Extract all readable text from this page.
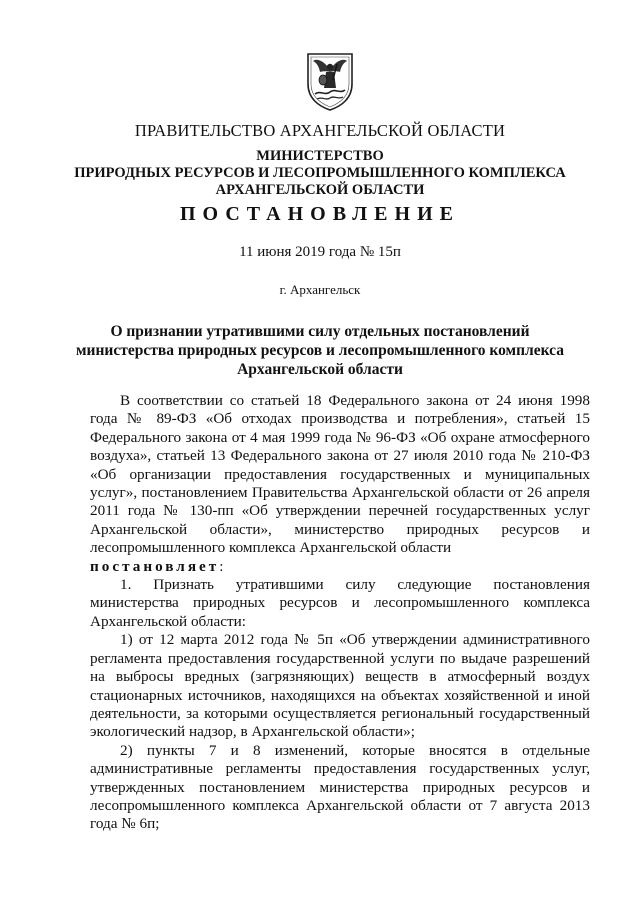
ПРАВИТЕЛЬСТВО АРХАНГЕЛЬСКОЙ ОБЛАСТИ
МИНИСТЕРСТВО
ПРИРОДНЫХ РЕСУРСОВ И ЛЕСОПРОМЫШЛЕННОГО КОМПЛЕКСА
АРХАНГЕЛЬСКОЙ ОБЛАСТИ
ПОСТАНОВЛЕНИЕ
11 июня 2019 года № 15п
г. Архангельск
О признании утратившими силу отдельных постановлений
министерства природных ресурсов и лесопромышленного комплекса
Архангельской области

В соответствии со статьей 18 Федерального закона от 24 июня 1998 года № 89-ФЗ «Об отходах производства и потребления», статьей 15 Федерального закона от 4 мая 1999 года № 96-ФЗ «Об охране атмосферного воздуха», статьей 13 Федерального закона от 27 июля 2010 года № 210-ФЗ «Об организации предоставления государственных и муниципальных услуг», постановлением Правительства Архангельской области от 26 апреля 2011 года № 130-пп «Об утверждении перечней государственных услуг Архангельской области», министерство природных ресурсов и лесопромышленного комплекса Архангельской области

постановляет:

1. Признать утратившими силу следующие постановления министерства природных ресурсов и лесопромышленного комплекса Архангельской области:

1) от 12 марта 2012 года № 5п «Об утверждении административного регламента предоставления государственной услуги по выдаче разрешений на выбросы вредных (загрязняющих) веществ в атмосферный воздух стационарных источников, находящихся на объектах хозяйственной и иной деятельности, за которыми осуществляется региональный государственный экологический надзор, в Архангельской области»;

2) пункты 7 и 8 изменений, которые вносятся в отдельные административные регламенты предоставления государственных услуг, утвержденных постановлением министерства природных ресурсов и лесопромышленного комплекса Архангельской области от 7 августа 2013 года № 6п;
